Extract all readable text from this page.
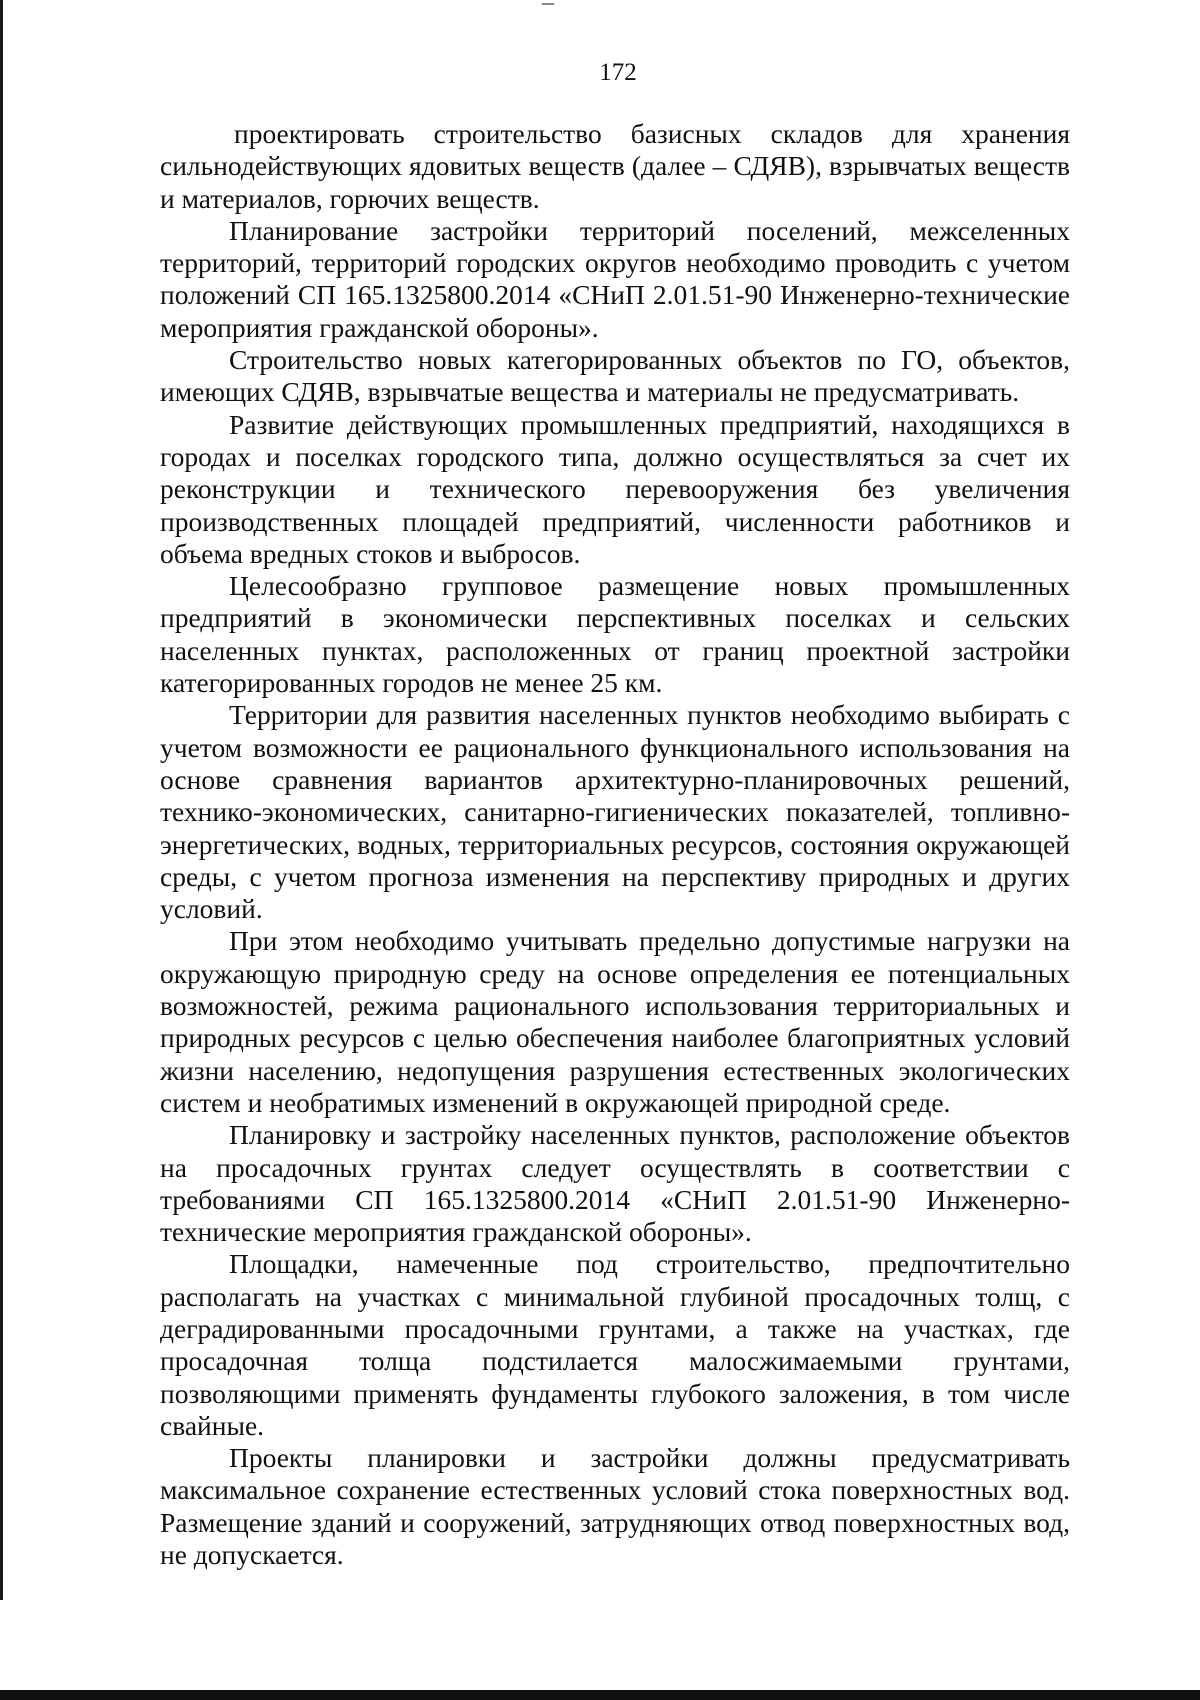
172

проектировать строительство базисных складов для хранения сильнодействующих ядовитых веществ (далее – СДЯВ), взрывчатых веществ и материалов, горючих веществ.

Планирование застройки территорий поселений, межселенных территорий, территорий городских округов необходимо проводить с учетом положений СП 165.1325800.2014 «СНиП 2.01.51-90 Инженерно-технические мероприятия гражданской обороны».

Строительство новых категорированных объектов по ГО, объектов, имеющих СДЯВ, взрывчатые вещества и материалы не предусматривать.

Развитие действующих промышленных предприятий, находящихся в городах и поселках городского типа, должно осуществляться за счет их реконструкции и технического перевооружения без увеличения производственных площадей предприятий, численности работников и объема вредных стоков и выбросов.

Целесообразно групповое размещение новых промышленных предприятий в экономически перспективных поселках и сельских населенных пунктах, расположенных от границ проектной застройки категорированных городов не менее 25 км.

Территории для развития населенных пунктов необходимо выбирать с учетом возможности ее рационального функционального использования на основе сравнения вариантов архитектурно-планировочных решений, технико-экономических, санитарно-гигиенических показателей, топливно-энергетических, водных, территориальных ресурсов, состояния окружающей среды, с учетом прогноза изменения на перспективу природных и других условий.

При этом необходимо учитывать предельно допустимые нагрузки на окружающую природную среду на основе определения ее потенциальных возможностей, режима рационального использования территориальных и природных ресурсов с целью обеспечения наиболее благоприятных условий жизни населению, недопущения разрушения естественных экологических систем и необратимых изменений в окружающей природной среде.

Планировку и застройку населенных пунктов, расположение объектов на просадочных грунтах следует осуществлять в соответствии с требованиями СП 165.1325800.2014 «СНиП 2.01.51-90 Инженерно-технические мероприятия гражданской обороны».

Площадки, намеченные под строительство, предпочтительно располагать на участках с минимальной глубиной просадочных толщ, с деградированными просадочными грунтами, а также на участках, где просадочная толща подстилается малосжимаемыми грунтами, позволяющими применять фундаменты глубокого заложения, в том числе свайные.

Проекты планировки и застройки должны предусматривать максимальное сохранение естественных условий стока поверхностных вод. Размещение зданий и сооружений, затрудняющих отвод поверхностных вод, не допускается.
